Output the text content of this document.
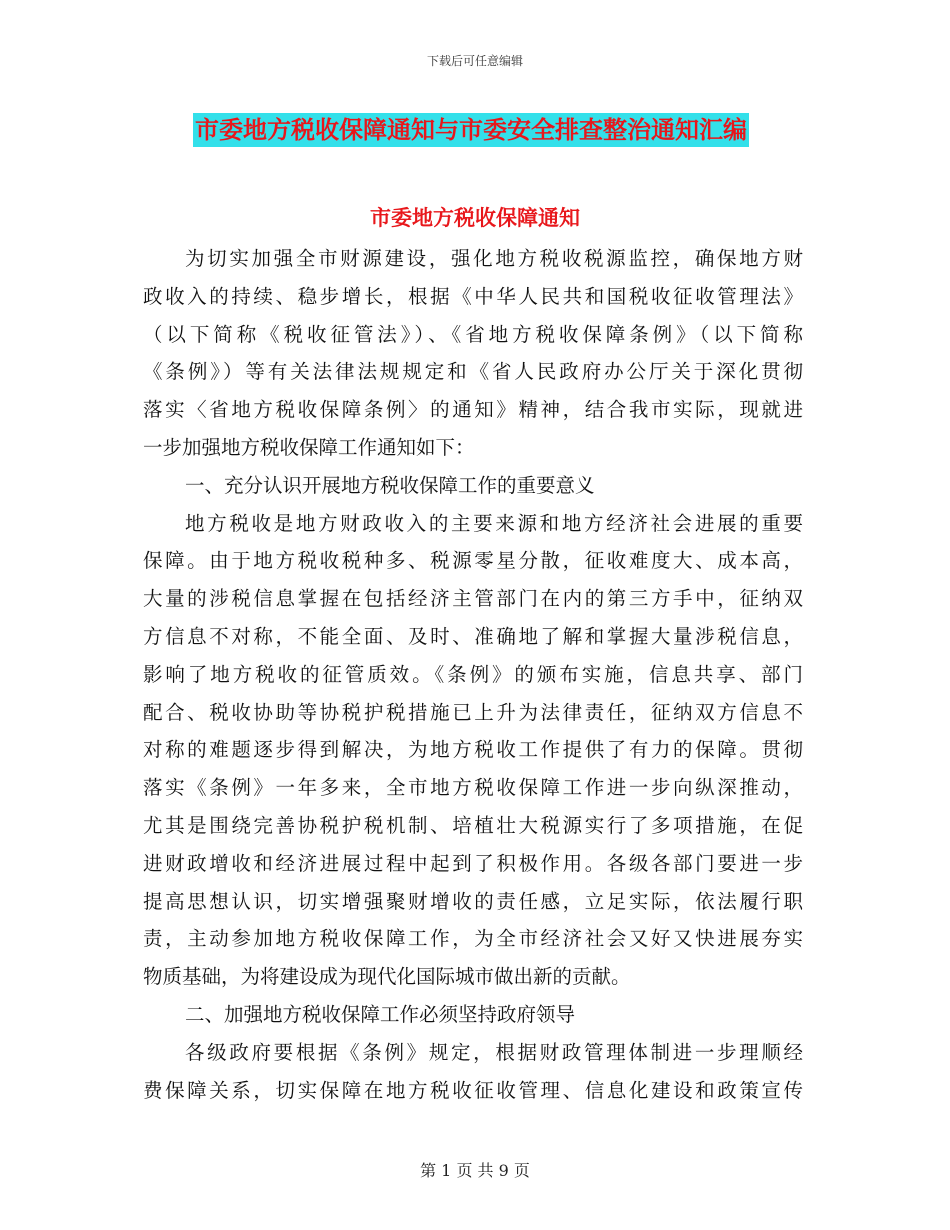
下载后可任意编辑
市委地方税收保障通知与市委安全排查整治通知汇编
市委地方税收保障通知
为切实加强全市财源建设，强化地方税收税源监控，确保地方财
政收入的持续、稳步增长，根据《中华人民共和国税收征收管理法》
（以下简称《税收征管法》）、《省地方税收保障条例》（以下简称
《条例》）等有关法律法规规定和《省人民政府办公厅关于深化贯彻
落实〈省地方税收保障条例〉的通知》精神，结合我市实际，现就进
一步加强地方税收保障工作通知如下：
一、充分认识开展地方税收保障工作的重要意义
地方税收是地方财政收入的主要来源和地方经济社会进展的重要
保障。由于地方税收税种多、税源零星分散，征收难度大、成本高，
大量的涉税信息掌握在包括经济主管部门在内的第三方手中，征纳双
方信息不对称，不能全面、及时、准确地了解和掌握大量涉税信息，
影响了地方税收的征管质效。《条例》的颁布实施，信息共享、部门
配合、税收协助等协税护税措施已上升为法律责任，征纳双方信息不
对称的难题逐步得到解决，为地方税收工作提供了有力的保障。贯彻
落实《条例》一年多来，全市地方税收保障工作进一步向纵深推动，
尤其是围绕完善协税护税机制、培植壮大税源实行了多项措施，在促
进财政增收和经济进展过程中起到了积极作用。各级各部门要进一步
提高思想认识，切实增强聚财增收的责任感，立足实际，依法履行职
责，主动参加地方税收保障工作，为全市经济社会又好又快进展夯实
物质基础，为将建设成为现代化国际城市做出新的贡献。
二、加强地方税收保障工作必须坚持政府领导
各级政府要根据《条例》规定，根据财政管理体制进一步理顺经
费保障关系，切实保障在地方税收征收管理、信息化建设和政策宣传
第 1 页 共 9 页
